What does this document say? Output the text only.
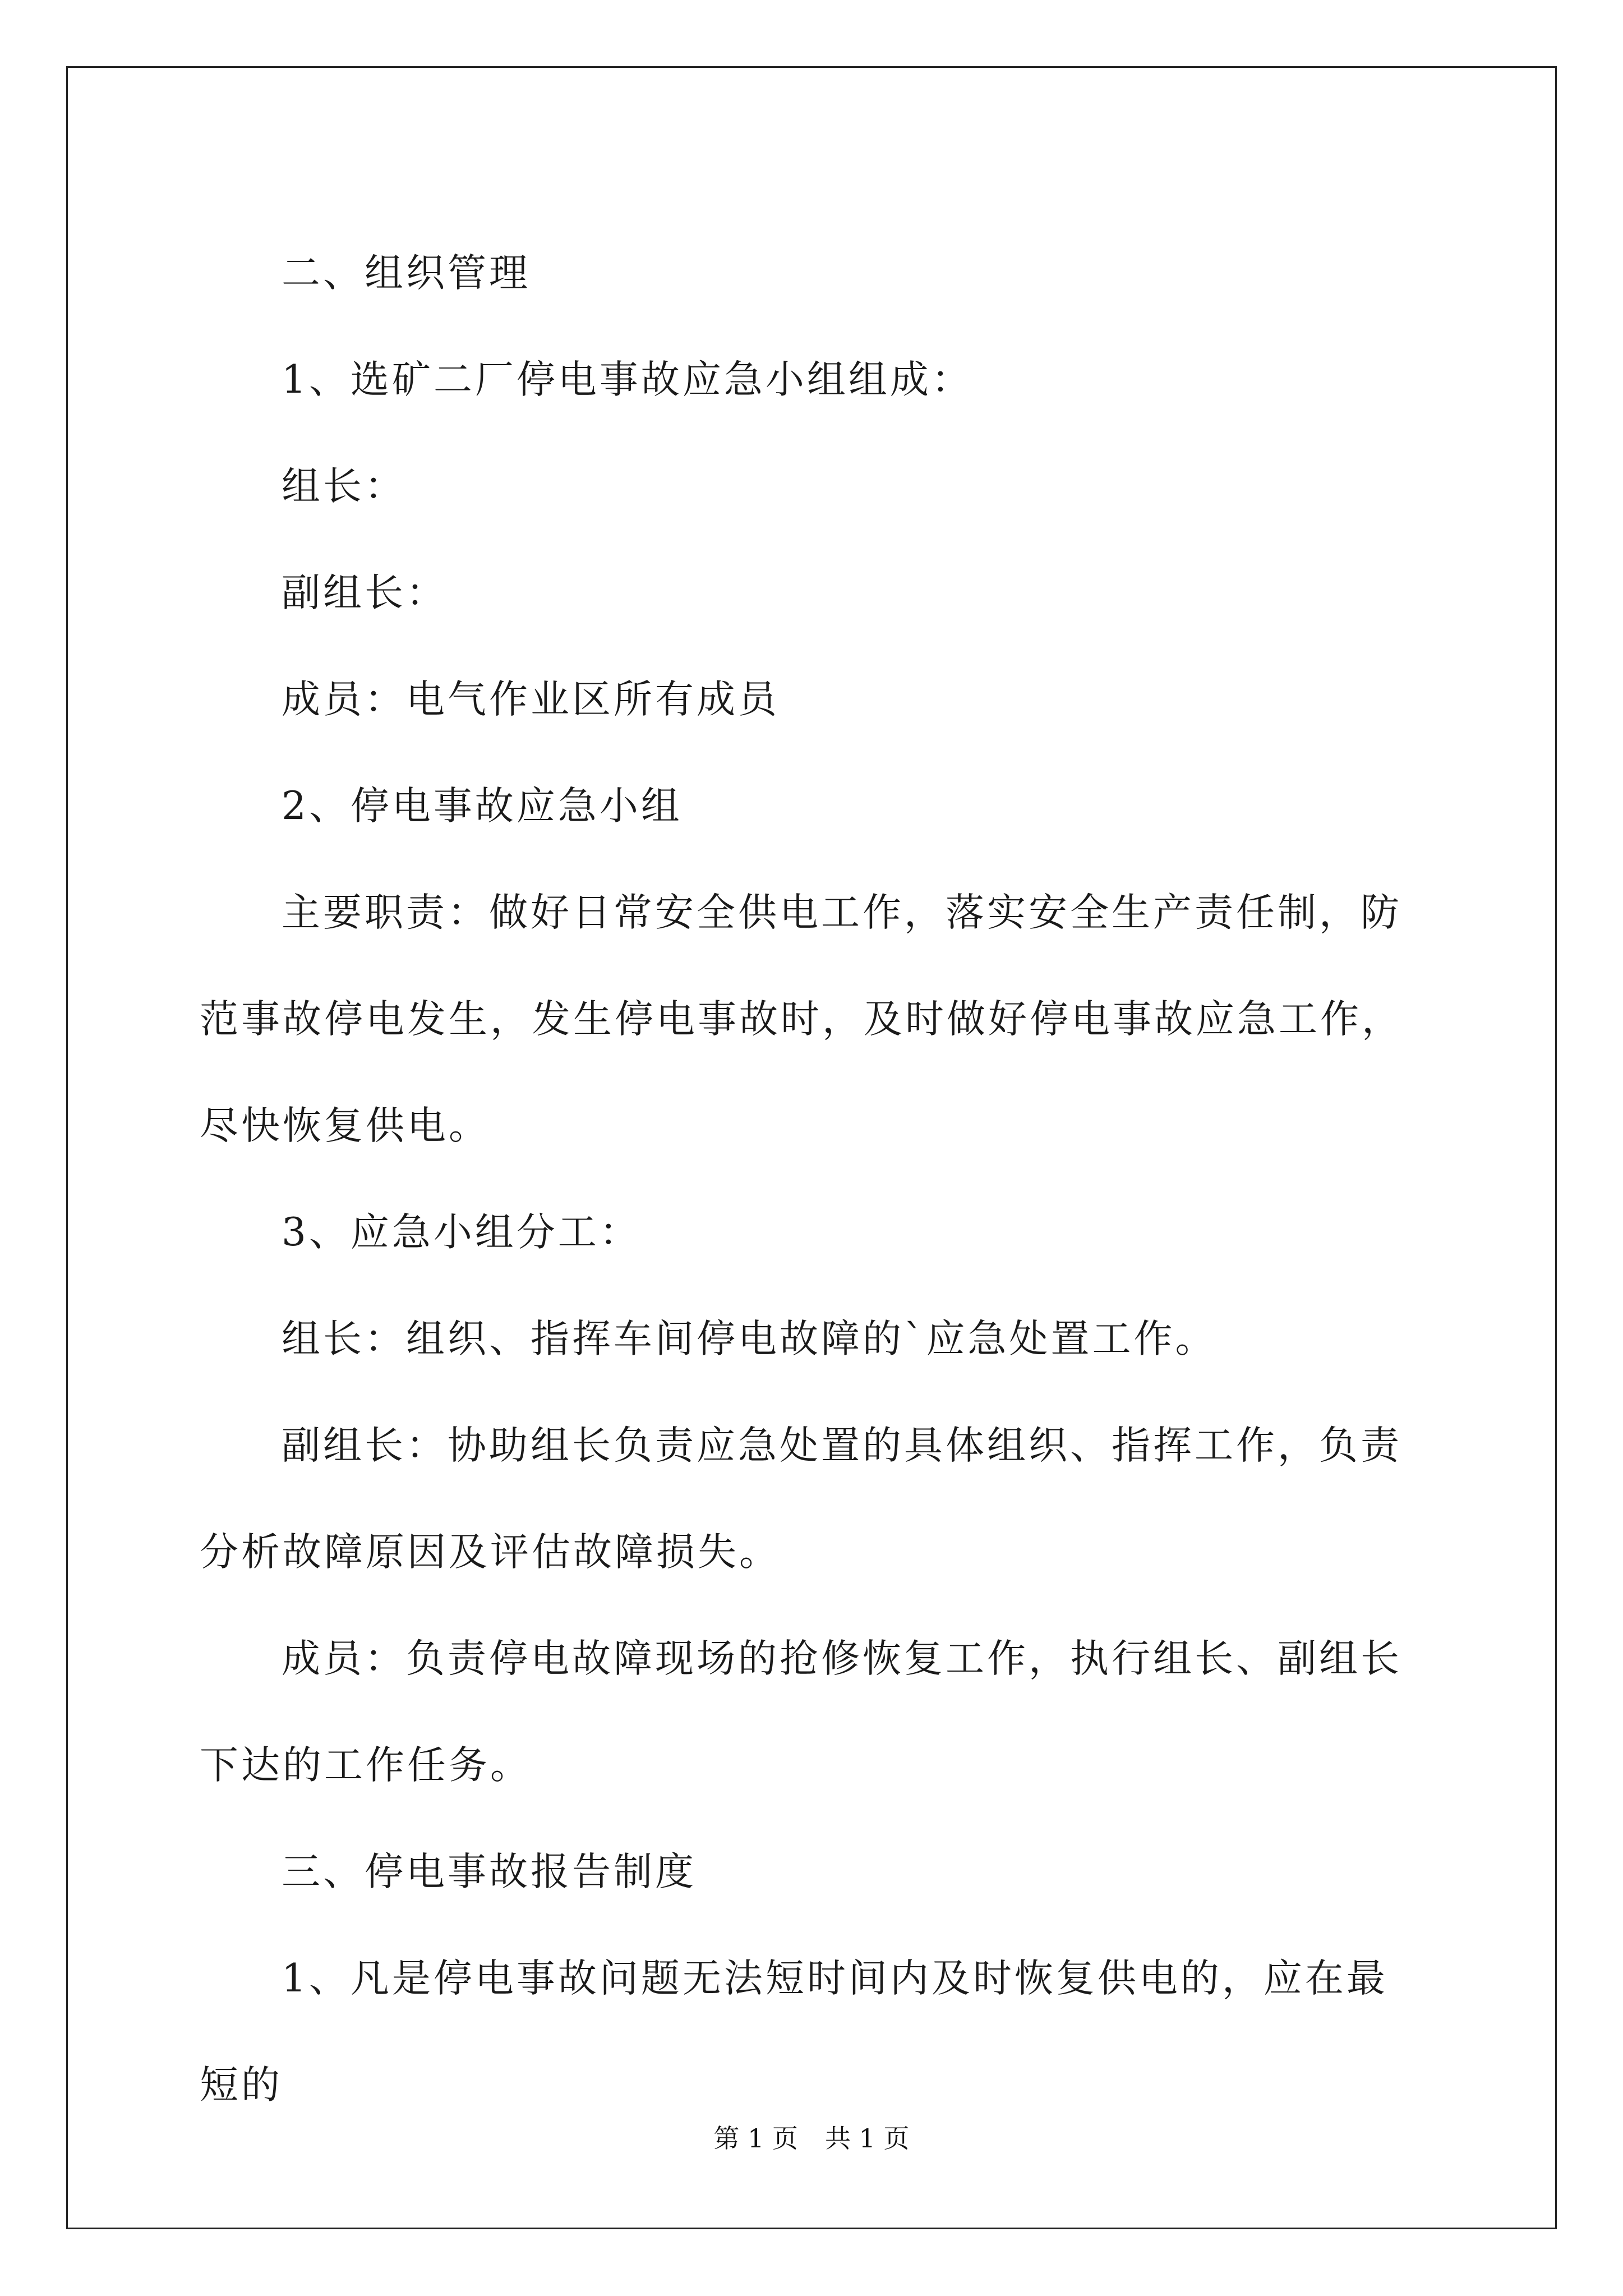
二、组织管理

1、选矿二厂停电事故应急小组组成：

组长：

副组长：

成员：电气作业区所有成员

2、停电事故应急小组

主要职责：做好日常安全供电工作，落实安全生产责任制，防范事故停电发生，发生停电事故时，及时做好停电事故应急工作，尽快恢复供电。

3、应急小组分工：

组长：组织、指挥车间停电故障的`应急处置工作。

副组长：协助组长负责应急处置的具体组织、指挥工作，负责分析故障原因及评估故障损失。

成员：负责停电故障现场的抢修恢复工作，执行组长、副组长下达的工作任务。

三、停电事故报告制度

1、凡是停电事故问题无法短时间内及时恢复供电的，应在最短的

第 1 页 共 1 页
